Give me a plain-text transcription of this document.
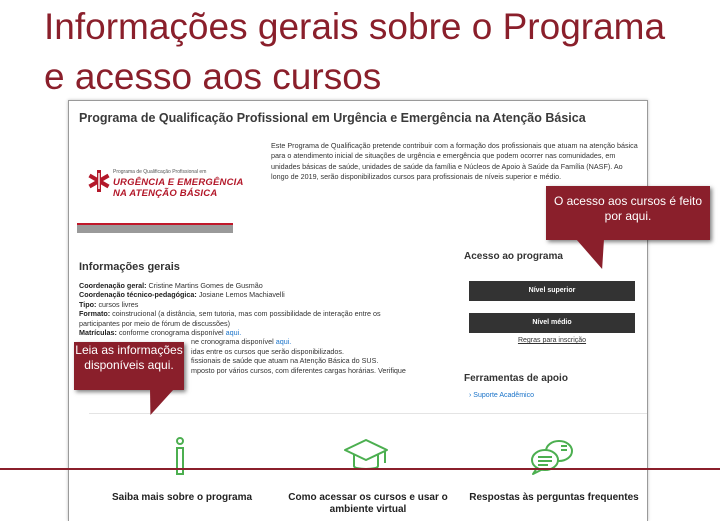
Informações gerais sobre o Programa e acesso aos cursos
Programa de Qualificação Profissional em Urgência e Emergência na Atenção Básica
Programa de Qualificação Profissional em
URGÊNCIA E EMERGÊNCIA
NA ATENÇÃO BÁSICA
Este Programa de Qualificação pretende contribuir com a formação dos profissionais que atuam na atenção básica para o atendimento inicial de situações de urgência e emergência que podem ocorrer nas comunidades, em unidades básicas de saúde, unidades de saúde da família e Núcleos de Apoio à Saúde da Família (NASF). Ao longo de 2019, serão disponibilizados cursos para profissionais de níveis superior e médio.
Informações gerais
Coordenação geral: Cristine Martins Gomes de Gusmão
Coordenação técnico-pedagógica: Josiane Lemos Machiavelli
Tipo: cursos livres
Formato: coinstrucional (a distância, sem tutoria, mas com possibilidade de interação entre os participantes por meio de fórum de discussões)
Matrículas: conforme cronograma disponível aqui.
ne cronograma disponível aqui.
idas entre os cursos que serão disponibilizados.
fissionais de saúde que atuam na Atenção Básica do SUS.
mposto por vários cursos, com diferentes cargas horárias. Verifique
Acesso ao programa
Nível superior
Nível médio
Regras para inscrição
Ferramentas de apoio
› Suporte Acadêmico
Saiba mais sobre o programa	Como acessar os cursos e usar o ambiente virtual
Respostas às perguntas frequentes
O acesso aos cursos é feito por aqui.
Leia as informações disponíveis aqui.
